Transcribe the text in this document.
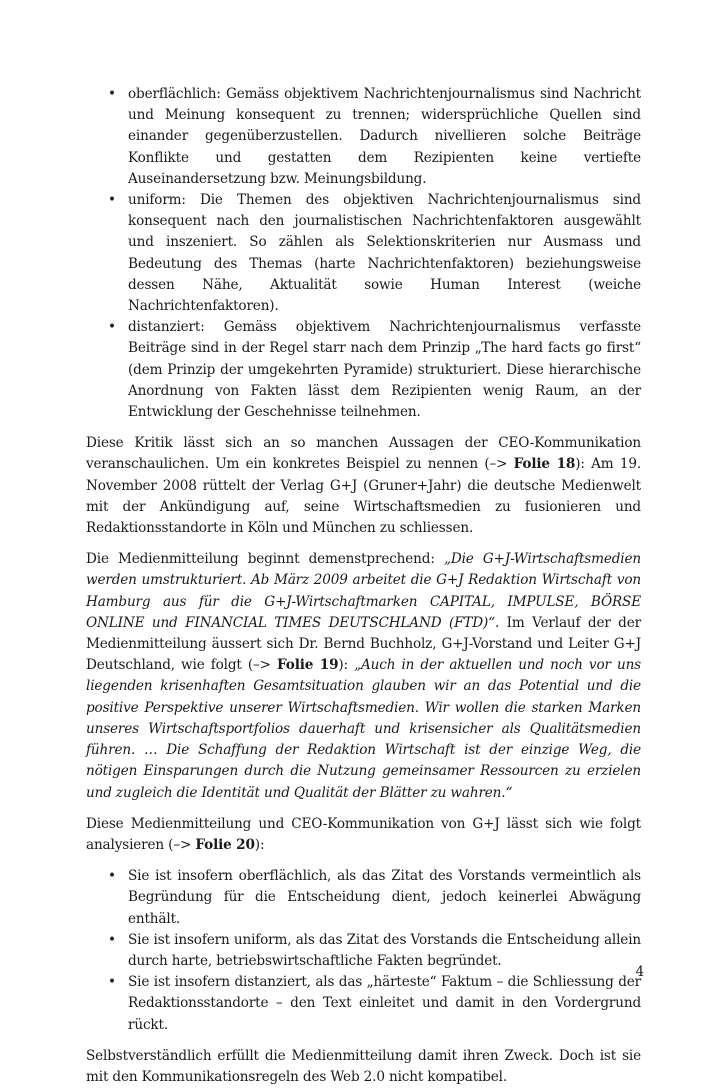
• oberflächlich: Gemäss objektivem Nachrichtenjournalismus sind Nachricht und Meinung konsequent zu trennen; widersprüchliche Quellen sind einander gegenüberzustellen. Dadurch nivellieren solche Beiträge Konflikte und gestatten dem Rezipienten keine vertiefte Auseinandersetzung bzw. Meinungsbildung.
• uniform: Die Themen des objektiven Nachrichtenjournalismus sind konsequent nach den journalistischen Nachrichtenfaktoren ausgewählt und inszeniert. So zählen als Selektionskriterien nur Ausmass und Bedeutung des Themas (harte Nachrichtenfaktoren) beziehungsweise dessen Nähe, Aktualität sowie Human Interest (weiche Nachrichtenfaktoren).
• distanziert: Gemäss objektivem Nachrichtenjournalismus verfasste Beiträge sind in der Regel starr nach dem Prinzip „The hard facts go first“ (dem Prinzip der umgekehrten Pyramide) strukturiert. Diese hierarchische Anordnung von Fakten lässt dem Rezipienten wenig Raum, an der Entwicklung der Geschehnisse teilnehmen.

Diese Kritik lässt sich an so manchen Aussagen der CEO-Kommunikation veranschaulichen. Um ein konkretes Beispiel zu nennen (–> Folie 18): Am 19. November 2008 rüttelt der Verlag G+J (Gruner+Jahr) die deutsche Medienwelt mit der Ankündigung auf, seine Wirtschaftsmedien zu fusionieren und Redaktionsstandorte in Köln und München zu schliessen.

Die Medienmitteilung beginnt demenstprechend: „Die G+J-Wirtschaftsmedien werden umstrukturiert. Ab März 2009 arbeitet die G+J Redaktion Wirtschaft von Hamburg aus für die G+J-Wirtschaftmarken CAPITAL, IMPULSE, BÖRSE ONLINE und FINANCIAL TIMES DEUTSCHLAND (FTD)“. Im Verlauf der der Medienmitteilung äussert sich Dr. Bernd Buchholz, G+J-Vorstand und Leiter G+J Deutschland, wie folgt (–> Folie 19): „Auch in der aktuellen und noch vor uns liegenden krisenhaften Gesamtsituation glauben wir an das Potential und die positive Perspektive unserer Wirtschaftsmedien. Wir wollen die starken Marken unseres Wirtschaftsportfolios dauerhaft und krisensicher als Qualitätsmedien führen. … Die Schaffung der Redaktion Wirtschaft ist der einzige Weg, die nötigen Einsparungen durch die Nutzung gemeinsamer Ressourcen zu erzielen und zugleich die Identität und Qualität der Blätter zu wahren.“

Diese Medienmitteilung und CEO-Kommunikation von G+J lässt sich wie folgt analysieren (–> Folie 20):

• Sie ist insofern oberflächlich, als das Zitat des Vorstands vermeintlich als Begründung für die Entscheidung dient, jedoch keinerlei Abwägung enthält.
• Sie ist insofern uniform, als das Zitat des Vorstands die Entscheidung allein durch harte, betriebswirtschaftliche Fakten begründet.
• Sie ist insofern distanziert, als das „härteste“ Faktum – die Schliessung der Redaktionsstandorte – den Text einleitet und damit in den Vordergrund rückt.

Selbstverständlich erfüllt die Medienmitteilung damit ihren Zweck. Doch ist sie mit den Kommunikationsregeln des Web 2.0 nicht kompatibel.

4
